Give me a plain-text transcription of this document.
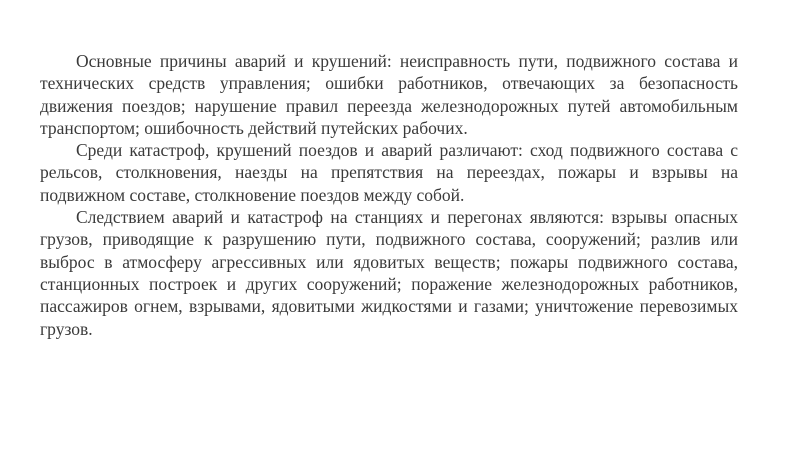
Основные причины аварий и крушений: неисправность пути, подвижного состава и технических средств управления; ошибки работников, отвечающих за безопасность движения поездов; нарушение правил переезда железнодорожных путей автомобильным транспортом; ошибочность действий путейских рабочих.

Среди катастроф, крушений поездов и аварий различают: сход подвижного состава с рельсов, столкновения, наезды на препятствия на переездах, пожары и взрывы на подвижном составе, столкновение поездов между собой.

Следствием аварий и катастроф на станциях и перегонах являются: взрывы опасных грузов, приводящие к разрушению пути, подвижного состава, сооружений; разлив или выброс в атмосферу агрессивных или ядовитых веществ; пожары подвижного состава, станционных построек и других сооружений; поражение железнодорожных работников, пассажиров огнем, взрывами, ядовитыми жидкостями и газами; уничтожение перевозимых грузов.
